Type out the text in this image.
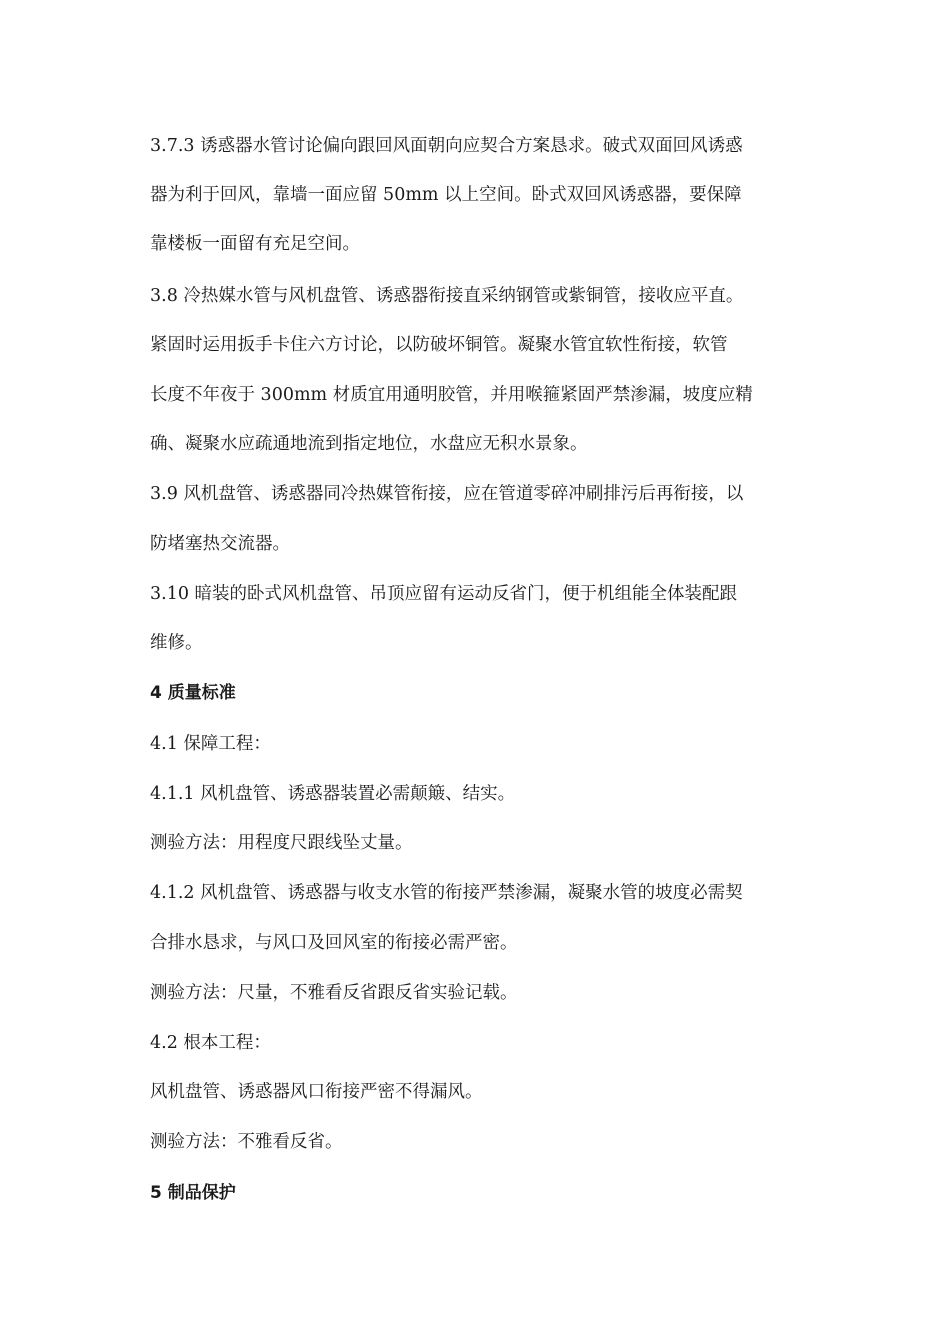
3.7.3 诱惑器水管讨论偏向跟回风面朝向应契合方案恳求。破式双面回风诱惑
器为利于回风，靠墙一面应留 50mm 以上空间。卧式双回风诱惑器，要保障
靠楼板一面留有充足空间。
3.8 冷热媒水管与风机盘管、诱惑器衔接直采纳钢管或紫铜管，接收应平直。
紧固时运用扳手卡住六方讨论，以防破坏铜管。凝聚水管宜软性衔接，软管
长度不年夜于 300mm 材质宜用通明胶管，并用喉箍紧固严禁渗漏，坡度应精
确、凝聚水应疏通地流到指定地位，水盘应无积水景象。
3.9 风机盘管、诱惑器同冷热媒管衔接，应在管道零碎冲刷排污后再衔接，以
防堵塞热交流器。
3.10 暗装的卧式风机盘管、吊顶应留有运动反省门，便于机组能全体装配跟
维修。
4 质量标准
4.1 保障工程：
4.1.1 风机盘管、诱惑器装置必需颠簸、结实。
测验方法：用程度尺跟线坠丈量。
4.1.2 风机盘管、诱惑器与收支水管的衔接严禁渗漏，凝聚水管的坡度必需契
合排水恳求，与风口及回风室的衔接必需严密。
测验方法：尺量，不雅看反省跟反省实验记载。
4.2 根本工程：
风机盘管、诱惑器风口衔接严密不得漏风。
测验方法：不雅看反省。
5 制品保护
